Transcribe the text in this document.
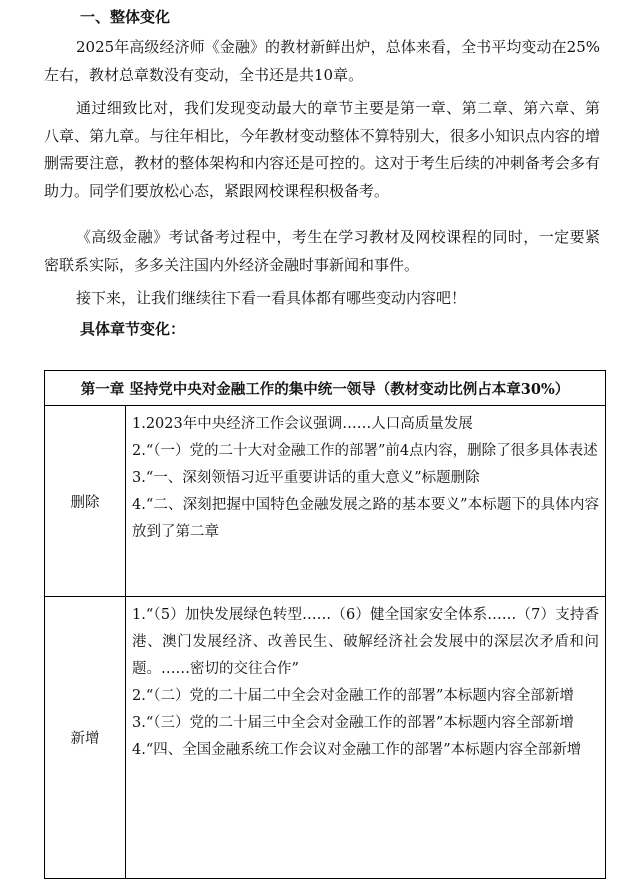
一、整体变化

2025年高级经济师《金融》的教材新鲜出炉，总体来看，全书平均变动在25%左右，教材总章数没有变动，全书还是共10章。

通过细致比对，我们发现变动最大的章节主要是第一章、第二章、第六章、第八章、第九章。与往年相比，今年教材变动整体不算特别大，很多小知识点内容的增删需要注意，教材的整体架构和内容还是可控的。这对于考生后续的冲刺备考会多有助力。同学们要放松心态，紧跟网校课程积极备考。

《高级金融》考试备考过程中，考生在学习教材及网校课程的同时，一定要紧密联系实际，多多关注国内外经济金融时事新闻和事件。

接下来，让我们继续往下看一看具体都有哪些变动内容吧！

具体章节变化：
第一章 坚持党中央对金融工作的集中统一领导（教材变动比例占本章30%）	
删除	1.2023年中央经济工作会议强调……人口高质量发展
2.“（一）党的二十大对金融工作的部署”前4点内容，删除了很多具体表述
3.“一、深刻领悟习近平重要讲话的重大意义”标题删除
4.“二、深刻把握中国特色金融发展之路的基本要义”本标题下的具体内容放到了第二章

新增	1.“（5）加快发展绿色转型……（6）健全国家安全体系……（7）支持香港、澳门发展经济、改善民生、破解经济社会发展中的深层次矛盾和问题。……密切的交往合作”
2.“（二）党的二十届二中全会对金融工作的部署”本标题内容全部新增
3.“（三）党的二十届三中全会对金融工作的部署”本标题内容全部新增
4.“四、全国金融系统工作会议对金融工作的部署”本标题内容全部新增
